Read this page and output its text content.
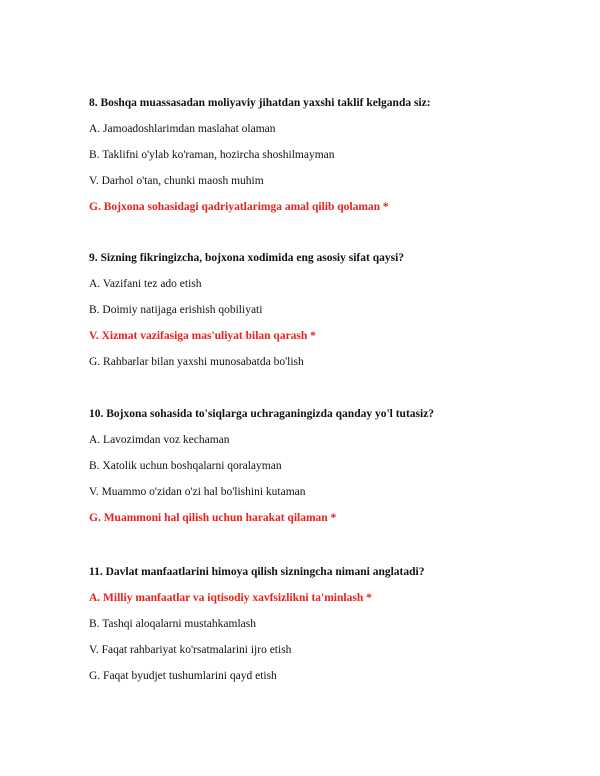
8. Boshqa muassasadan moliyaviy jihatdan yaxshi taklif kelganda siz:
A. Jamoadoshlarimdan maslahat olaman
B. Taklifni o'ylab ko'raman, hozircha shoshilmayman
V. Darhol o'tan, chunki maosh muhim
G. Bojxona sohasidagi qadriyatlarimga amal qilib qolaman *
9. Sizning fikringizcha, bojxona xodimida eng asosiy sifat qaysi?
A. Vazifani tez ado etish
B. Doimiy natijaga erishish qobiliyati
V. Xizmat vazifasiga mas'uliyat bilan qarash *
G. Rahbarlar bilan yaxshi munosabatda bo'lish
10. Bojxona sohasida to'siqlarga uchraganingizda qanday yo'l tutasiz?
A. Lavozimdan voz kechaman
B. Xatolik uchun boshqalarni qoralayman
V. Muammo o'zidan o'zi hal bo'lishini kutaman
G. Muammoni hal qilish uchun harakat qilaman *
11. Davlat manfaatlarini himoya qilish sizningcha nimani anglatadi?
A. Milliy manfaatlar va iqtisodiy xavfsizlikni ta'minlash *
B. Tashqi aloqalarni mustahkamlash
V. Faqat rahbariyat ko'rsatmalarini ijro etish
G. Faqat byudjet tushumlarini qayd etish
